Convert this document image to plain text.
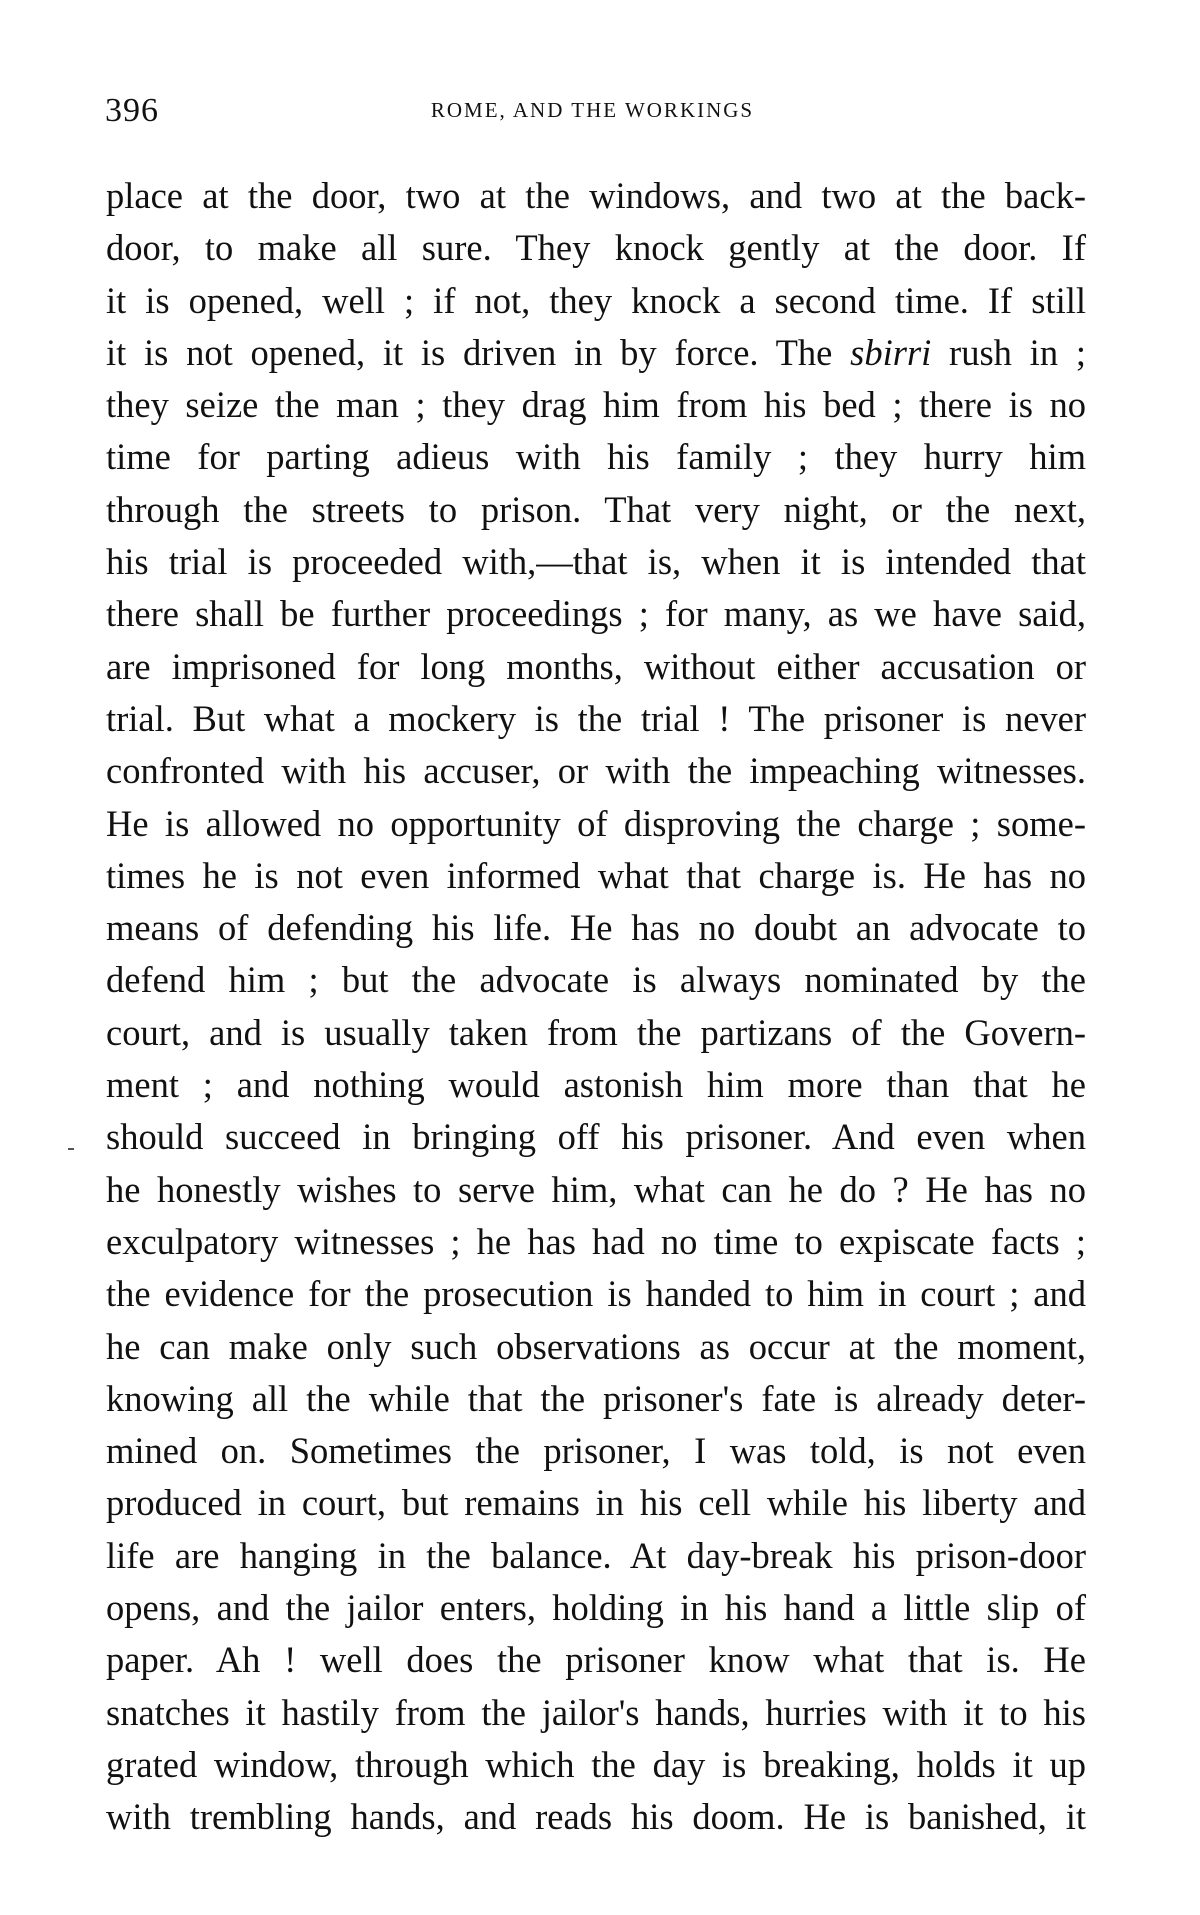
396	ROME, AND THE WORKINGS
place at the door, two at the windows, and two at the back-
door, to make all sure. They knock gently at the door. If
it is opened, well ; if not, they knock a second time. If still
it is not opened, it is driven in by force. The sbirri rush in ;
they seize the man ; they drag him from his bed ; there is no
time for parting adieus with his family ; they hurry him
through the streets to prison. That very night, or the next,
his trial is proceeded with,—that is, when it is intended that
there shall be further proceedings ; for many, as we have said,
are imprisoned for long months, without either accusation or
trial. But what a mockery is the trial ! The prisoner is never
confronted with his accuser, or with the impeaching witnesses.
He is allowed no opportunity of disproving the charge ; some-
times he is not even informed what that charge is. He has no
means of defending his life. He has no doubt an advocate to
defend him ; but the advocate is always nominated by the
court, and is usually taken from the partizans of the Govern-
ment ; and nothing would astonish him more than that he
should succeed in bringing off his prisoner. And even when
he honestly wishes to serve him, what can he do ? He has no
exculpatory witnesses ; he has had no time to expiscate facts ;
the evidence for the prosecution is handed to him in court ; and
he can make only such observations as occur at the moment,
knowing all the while that the prisoner's fate is already deter-
mined on. Sometimes the prisoner, I was told, is not even
produced in court, but remains in his cell while his liberty and
life are hanging in the balance. At day-break his prison-door
opens, and the jailor enters, holding in his hand a little slip of
paper. Ah ! well does the prisoner know what that is. He
snatches it hastily from the jailor's hands, hurries with it to his
grated window, through which the day is breaking, holds it up
with trembling hands, and reads his doom. He is banished, it
